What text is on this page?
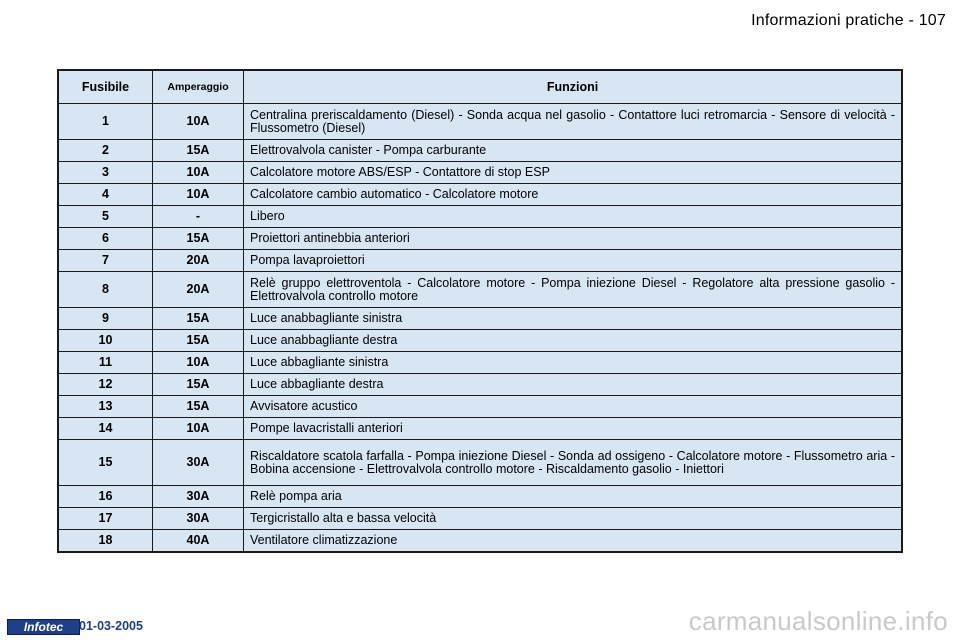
Informazioni pratiche - 107
Fusibile	Amperaggio	Funzioni
1	10A	Centralina preriscaldamento (Diesel) - Sonda acqua nel gasolio - Contattore luci retromarcia - Sensore di velocità - Flussometro (Diesel)
2	15A	Elettrovalvola canister - Pompa carburante
3	10A	Calcolatore motore ABS/ESP - Contattore di stop ESP
4	10A	Calcolatore cambio automatico - Calcolatore motore
5	-	Libero
6	15A	Proiettori antinebbia anteriori
7	20A	Pompa lavaproiettori
8	20A	Relè gruppo elettroventola - Calcolatore motore - Pompa iniezione Diesel - Regolatore alta pressione gasolio - Elettrovalvola controllo motore
9	15A	Luce anabbagliante sinistra
10	15A	Luce anabbagliante destra
11	10A	Luce abbagliante sinistra
12	15A	Luce abbagliante destra
13	15A	Avvisatore acustico
14	10A	Pompe lavacristalli anteriori
15	30A	Riscaldatore scatola farfalla - Pompa iniezione Diesel - Sonda ad ossigeno - Calcolatore motore - Flussometro aria - Bobina accensione - Elettrovalvola controllo motore - Riscaldamento gasolio - Iniettori
16	30A	Relè pompa aria
17	30A	Tergicristallo alta e bassa velocità
18	40A	Ventilatore climatizzazione
Infotec	01-03-2005	carmanualsonline.info
